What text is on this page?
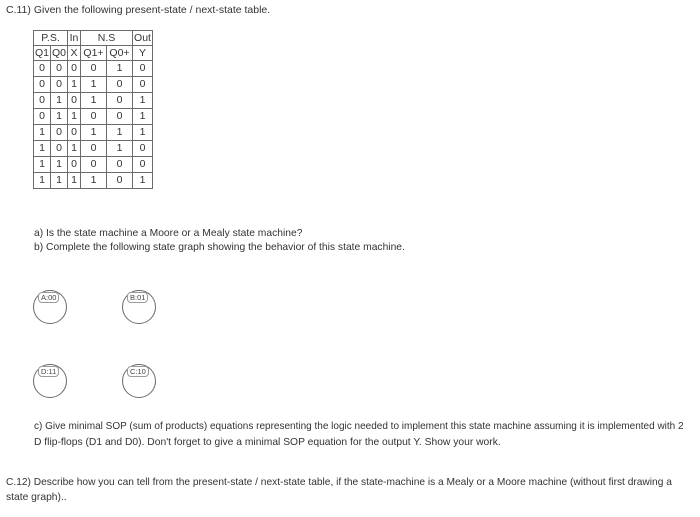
C.11) Given the following present-state / next-state table.
P.S.		In	N.S		Out
Q1	Q0	X	Q1+	Q0+	Y
0	0	0	0	1	0
0	0	1	1	0	0
0	1	0	1	0	1
0	1	1	0	0	1
1	0	0	1	1	1
1	0	1	0	1	0
1	1	0	0	0	0
1	1	1	1	0	1
a) Is the state machine a Moore or a Mealy state machine?
b) Complete the following state graph showing the behavior of this state machine.
A:00	B:01
D:11	C:10
c) Give minimal SOP (sum of products) equations representing the logic needed to implement this state machine assuming it is implemented with 2
D flip-flops (D1 and D0). Don't forget to give a minimal SOP equation for the output Y. Show your work.
C.12) Describe how you can tell from the present-state / next-state table, if the state-machine is a Mealy or a Moore machine (without first drawing a
state graph)..
